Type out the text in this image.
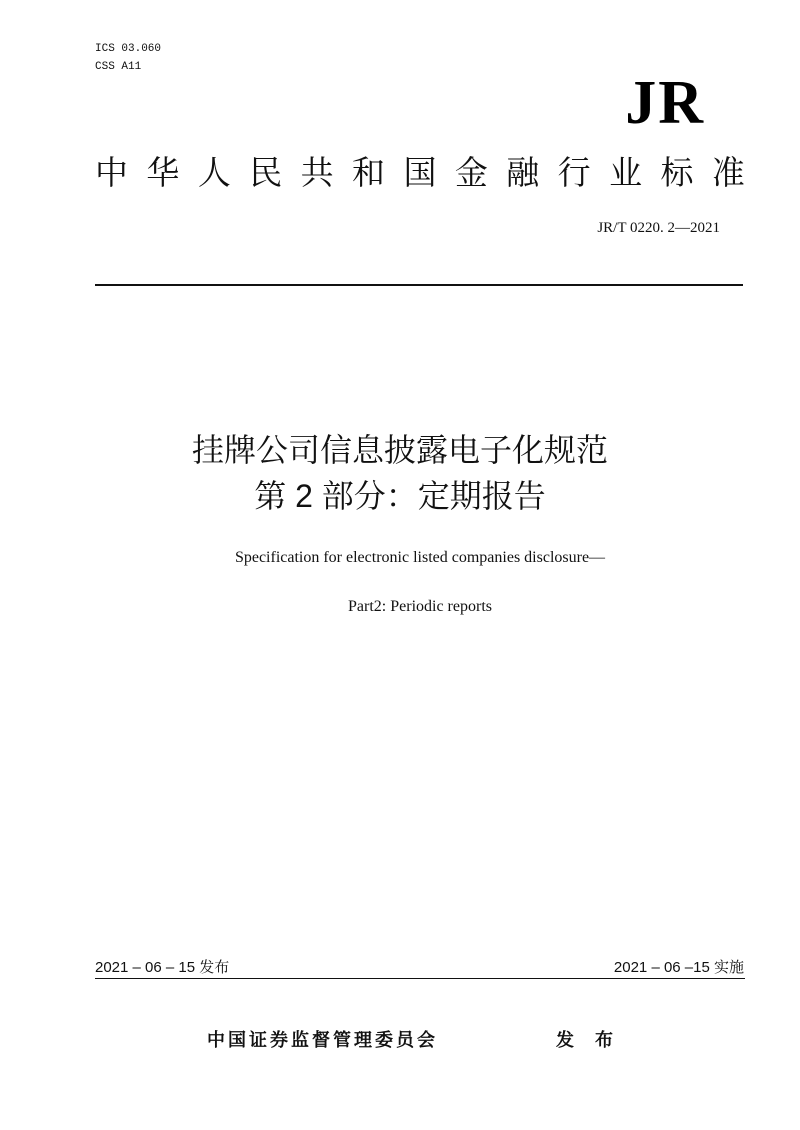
ICS 03.060
CSS A11
JR
中 华 人 民 共 和 国 金 融 行 业 标 准
JR/T 0220. 2—2021
挂牌公司信息披露电子化规范
第 2 部分：定期报告
Specification for electronic listed companies disclosure—
Part2: Periodic reports
2021 – 06 – 15 发布	2021 – 06 –15 实施
中国证券监督管理委员会	发 布
